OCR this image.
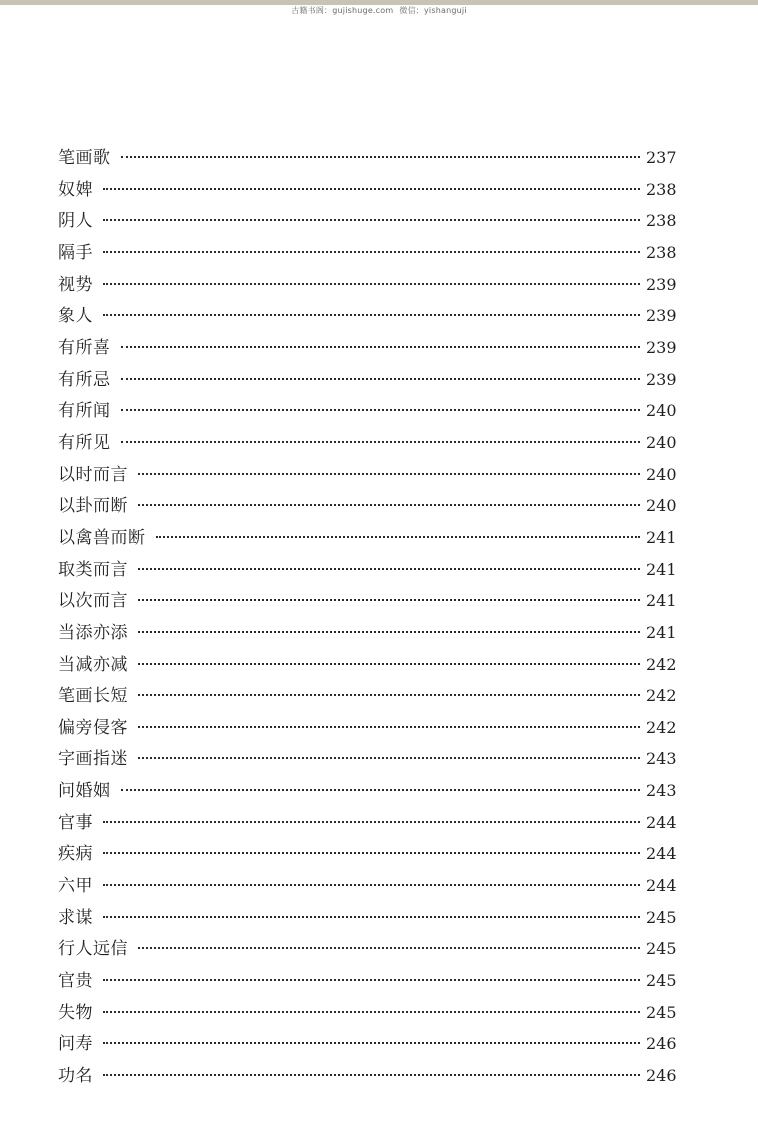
古籍书阁：gujishuge.com 微信：yishanguji
笔画歌	237
奴婢	238
阴人	238
隔手	238
视势	239
象人	239
有所喜	239
有所忌	239
有所闻	240
有所见	240
以时而言	240
以卦而断	240
以禽兽而断	241
取类而言	241
以次而言	241
当添亦添	241
当减亦减	242
笔画长短	242
偏旁侵客	242
字画指迷	243
问婚姻	243
官事	244
疾病	244
六甲	244
求谋	245
行人远信	245
官贵	245
失物	245
问寿	246
功名	246
